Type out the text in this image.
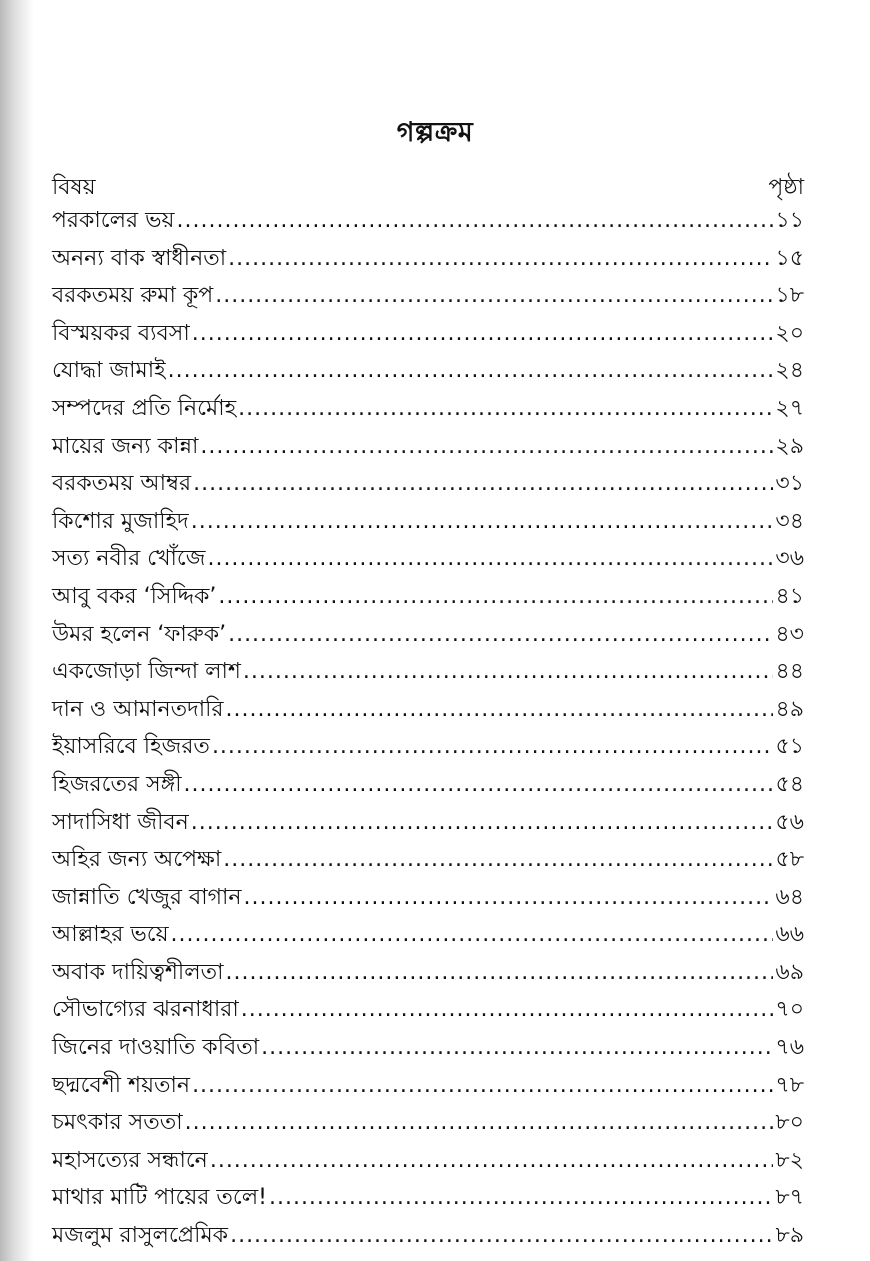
গল্পক্রম
বিষয়	পৃষ্ঠা
পরকালের ভয় .....	১১
অনন্য বাক স্বাধীনতা .....	১৫
বরকতময় রুমা কূপ .....	১৮
বিস্ময়কর ব্যবসা .....	২০
যোদ্ধা জামাই .....	২৪
সম্পদের প্রতি নির্মোহ .....	২৭
মায়ের জন্য কান্না .....	২৯
বরকতময় আম্বর .....	৩১
কিশোর মুজাহিদ .....	৩৪
সত্য নবীর খোঁজে .....	৩৬
আবু বকর ‘সিদ্দিক’ .....	৪১
উমর হলেন ‘ফারুক’ .....	৪৩
একজোড়া জিন্দা লাশ .....	৪৪
দান ও আমানতদারি .....	৪৯
ইয়াসরিবে হিজরত .....	৫১
হিজরতের সঙ্গী .....	৫৪
সাদাসিধা জীবন .....	৫৬
অহির জন্য অপেক্ষা .....	৫৮
জান্নাতি খেজুর বাগান .....	৬৪
আল্লাহর ভয়ে .....	৬৬
অবাক দায়িত্বশীলতা .....	৬৯
সৌভাগ্যের ঝরনাধারা .....	৭০
জিনের দাওয়াতি কবিতা .....	৭৬
ছদ্মবেশী শয়তান .....	৭৮
চমৎকার সততা .....	৮০
মহাসত্যের সন্ধানে .....	৮২
মাথার মাটি পায়ের তলে! .....	৮৭
মজলুম রাসুলপ্রেমিক .....	৮৯
